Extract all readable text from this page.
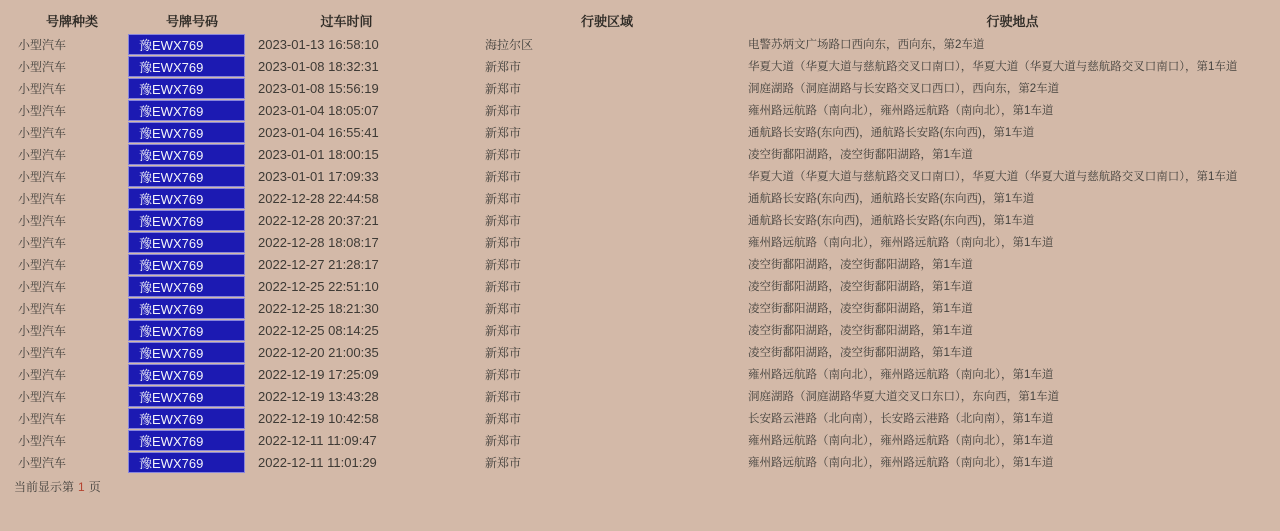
号牌种类	号牌号码	过车时间	行驶区域	行驶地点
小型汽车	豫EWX769	2023-01-13 16:58:10	海拉尔区	电警苏炳文广场路口西向东，西向东，第2车道
小型汽车	豫EWX769	2023-01-08 18:32:31	新郑市	华夏大道（华夏大道与慈航路交叉口南口），华夏大道（华夏大道与慈航路交叉口南口），第1车道
小型汽车	豫EWX769	2023-01-08 15:56:19	新郑市	洞庭湖路（洞庭湖路与长安路交叉口西口），西向东，第2车道
小型汽车	豫EWX769	2023-01-04 18:05:07	新郑市	雍州路远航路（南向北），雍州路远航路（南向北），第1车道
小型汽车	豫EWX769	2023-01-04 16:55:41	新郑市	通航路长安路(东向西)，通航路长安路(东向西)，第1车道
小型汽车	豫EWX769	2023-01-01 18:00:15	新郑市	凌空街鄱阳湖路，凌空街鄱阳湖路，第1车道
小型汽车	豫EWX769	2023-01-01 17:09:33	新郑市	华夏大道（华夏大道与慈航路交叉口南口），华夏大道（华夏大道与慈航路交叉口南口），第1车道
小型汽车	豫EWX769	2022-12-28 22:44:58	新郑市	通航路长安路(东向西)，通航路长安路(东向西)，第1车道
小型汽车	豫EWX769	2022-12-28 20:37:21	新郑市	通航路长安路(东向西)，通航路长安路(东向西)，第1车道
小型汽车	豫EWX769	2022-12-28 18:08:17	新郑市	雍州路远航路（南向北），雍州路远航路（南向北），第1车道
小型汽车	豫EWX769	2022-12-27 21:28:17	新郑市	凌空街鄱阳湖路，凌空街鄱阳湖路，第1车道
小型汽车	豫EWX769	2022-12-25 22:51:10	新郑市	凌空街鄱阳湖路，凌空街鄱阳湖路，第1车道
小型汽车	豫EWX769	2022-12-25 18:21:30	新郑市	凌空街鄱阳湖路，凌空街鄱阳湖路，第1车道
小型汽车	豫EWX769	2022-12-25 08:14:25	新郑市	凌空街鄱阳湖路，凌空街鄱阳湖路，第1车道
小型汽车	豫EWX769	2022-12-20 21:00:35	新郑市	凌空街鄱阳湖路，凌空街鄱阳湖路，第1车道
小型汽车	豫EWX769	2022-12-19 17:25:09	新郑市	雍州路远航路（南向北），雍州路远航路（南向北），第1车道
小型汽车	豫EWX769	2022-12-19 13:43:28	新郑市	洞庭湖路（洞庭湖路华夏大道交叉口东口），东向西，第1车道
小型汽车	豫EWX769	2022-12-19 10:42:58	新郑市	长安路云港路（北向南），长安路云港路（北向南），第1车道
小型汽车	豫EWX769	2022-12-11 11:09:47	新郑市	雍州路远航路（南向北），雍州路远航路（南向北），第1车道
小型汽车	豫EWX769	2022-12-11 11:01:29	新郑市	雍州路远航路（南向北），雍州路远航路（南向北），第1车道
当前显示第 1 页
